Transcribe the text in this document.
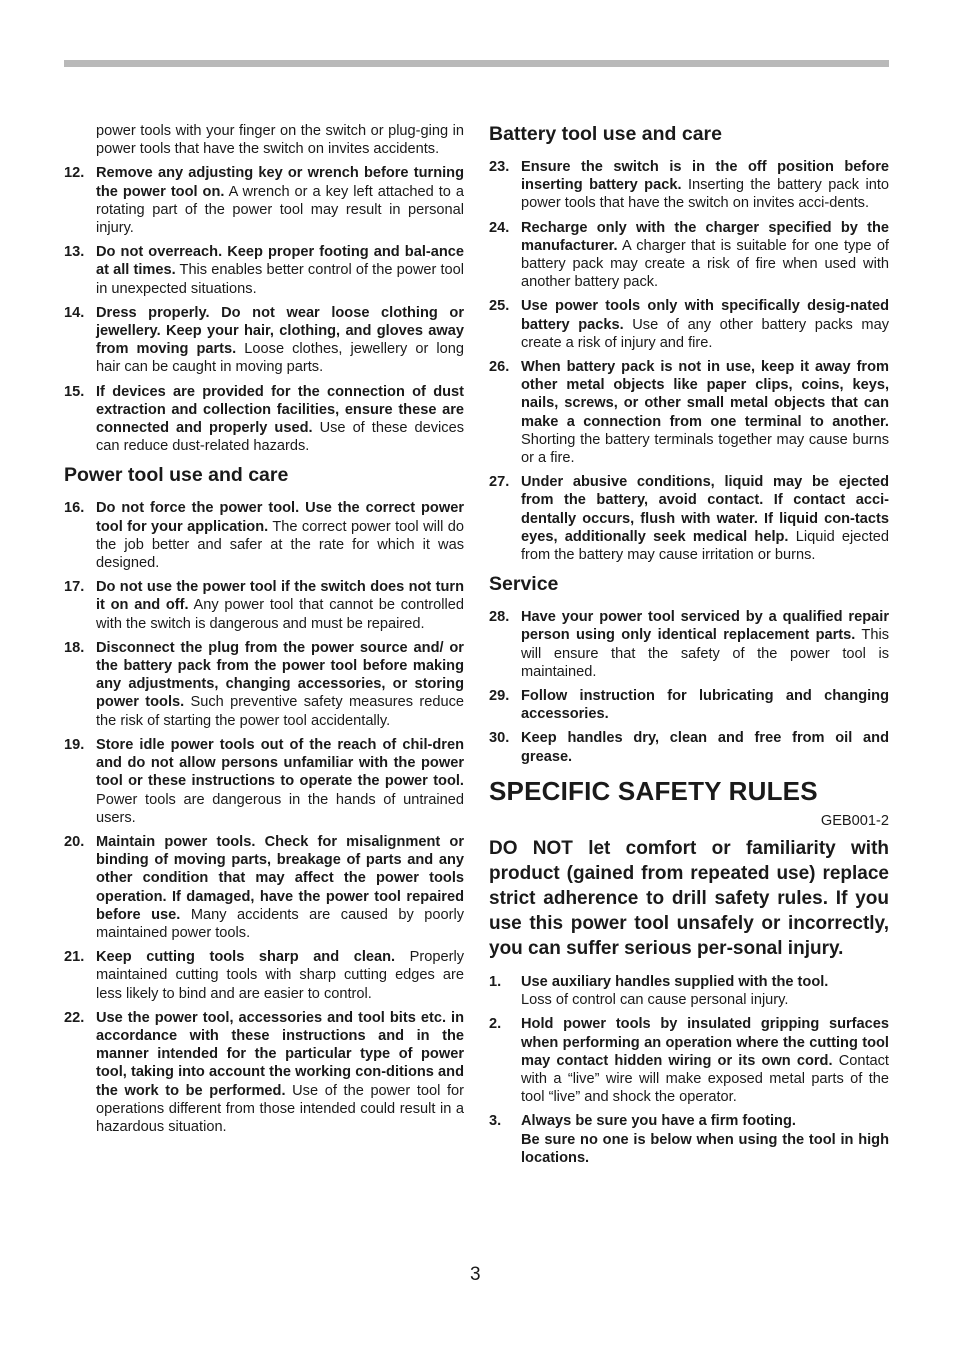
power tools with your finger on the switch or plug-ging in power tools that have the switch on invites accidents.
12. Remove any adjusting key or wrench before turning the power tool on. A wrench or a key left attached to a rotating part of the power tool may result in personal injury.
13. Do not overreach. Keep proper footing and bal-ance at all times. This enables better control of the power tool in unexpected situations.
14. Dress properly. Do not wear loose clothing or jewellery. Keep your hair, clothing, and gloves away from moving parts. Loose clothes, jewellery or long hair can be caught in moving parts.
15. If devices are provided for the connection of dust extraction and collection facilities, ensure these are connected and properly used. Use of these devices can reduce dust-related hazards.
Power tool use and care
16. Do not force the power tool. Use the correct power tool for your application. The correct power tool will do the job better and safer at the rate for which it was designed.
17. Do not use the power tool if the switch does not turn it on and off. Any power tool that cannot be controlled with the switch is dangerous and must be repaired.
18. Disconnect the plug from the power source and/ or the battery pack from the power tool before making any adjustments, changing accessories, or storing power tools. Such preventive safety measures reduce the risk of starting the power tool accidentally.
19. Store idle power tools out of the reach of chil-dren and do not allow persons unfamiliar with the power tool or these instructions to operate the power tool. Power tools are dangerous in the hands of untrained users.
20. Maintain power tools. Check for misalignment or binding of moving parts, breakage of parts and any other condition that may affect the power tools operation. If damaged, have the power tool repaired before use. Many accidents are caused by poorly maintained power tools.
21. Keep cutting tools sharp and clean. Properly maintained cutting tools with sharp cutting edges are less likely to bind and are easier to control.
22. Use the power tool, accessories and tool bits etc. in accordance with these instructions and in the manner intended for the particular type of power tool, taking into account the working con-ditions and the work to be performed. Use of the power tool for operations different from those intended could result in a hazardous situation.
Battery tool use and care
23. Ensure the switch is in the off position before inserting battery pack. Inserting the battery pack into power tools that have the switch on invites acci-dents.
24. Recharge only with the charger specified by the manufacturer. A charger that is suitable for one type of battery pack may create a risk of fire when used with another battery pack.
25. Use power tools only with specifically desig-nated battery packs. Use of any other battery packs may create a risk of injury and fire.
26. When battery pack is not in use, keep it away from other metal objects like paper clips, coins, keys, nails, screws, or other small metal objects that can make a connection from one terminal to another. Shorting the battery terminals together may cause burns or a fire.
27. Under abusive conditions, liquid may be ejected from the battery, avoid contact. If contact acci-dentally occurs, flush with water. If liquid con-tacts eyes, additionally seek medical help. Liquid ejected from the battery may cause irritation or burns.
Service
28. Have your power tool serviced by a qualified repair person using only identical replacement parts. This will ensure that the safety of the power tool is maintained.
29. Follow instruction for lubricating and changing accessories.
30. Keep handles dry, clean and free from oil and grease.
SPECIFIC SAFETY RULES
GEB001-2
DO NOT let comfort or familiarity with product (gained from repeated use) replace strict adherence to drill safety rules. If you use this power tool unsafely or incorrectly, you can suffer serious per-sonal injury.
1. Use auxiliary handles supplied with the tool.
Loss of control can cause personal injury.
2. Hold power tools by insulated gripping surfaces when performing an operation where the cutting tool may contact hidden wiring or its own cord. Contact with a “live” wire will make exposed metal parts of the tool “live” and shock the operator.
3. Always be sure you have a firm footing.
Be sure no one is below when using the tool in high locations.
3
